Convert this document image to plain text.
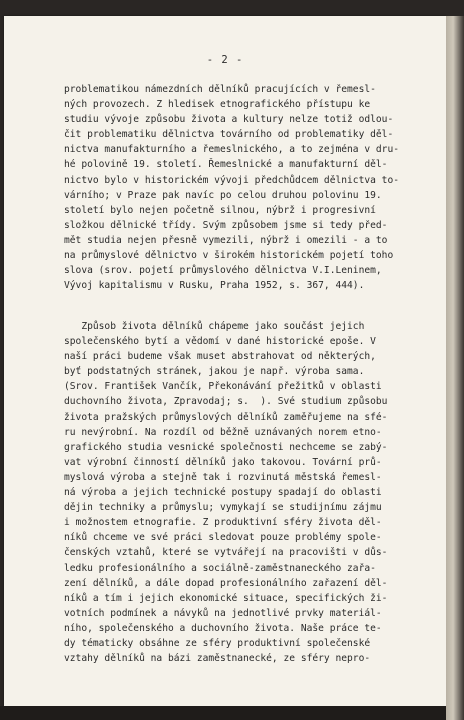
- 2 -
problematikou námezdních dělníků pracujících v řemesl-
ných provozech. Z hledisek etnografického přístupu ke
studiu vývoje způsobu života a kultury nelze totiž odlou-
čit problematiku dělnictva továrního od problematiky děl-
nictva manufakturního a řemeslnického, a to zejména v dru-
hé polovině 19. století. Řemeslnické a manufakturní děl-
nictvo bylo v historickém vývoji předchůdcem dělnictva to-
várního; v Praze pak navíc po celou druhou polovinu 19.
století bylo nejen početně silnou, nýbrž i progresivní
složkou dělnické třídy. Svým způsobem jsme si tedy před-
mět studia nejen přesně vymezili, nýbrž i omezili - a to
na průmyslové dělnictvo v širokém historickém pojetí toho
slova (srov. pojetí průmyslového dělnictva V.I.Leninem,
Vývoj kapitalismu v Rusku, Praha 1952, s. 367, 444).
Způsob života dělníků chápeme jako součást jejich
společenského bytí a vědomí v dané historické epoše. V
naší práci budeme však muset abstrahovat od některých,
byť podstatných stránek, jakou je např. výroba sama.
(Srov. František Vančík, Překonávání přežitků v oblasti
duchovního života, Zpravodaj; s.  ). Své studium způsobu
života pražských průmyslových dělníků zaměřujeme na sfé-
ru nevýrobní. Na rozdíl od běžně uznávaných norem etno-
grafického studia vesnické společnosti nechceme se zabý-
vat výrobní činností dělníků jako takovou. Tovární prů-
myslová výroba a stejně tak i rozvinutá městská řemesl-
ná výroba a jejich technické postupy spadají do oblasti
dějin techniky a průmyslu; vymykají se studijnímu zájmu
i možnostem etnografie. Z produktivní sféry života děl-
níků chceme ve své práci sledovat pouze problémy spole-
čenských vztahů, které se vytvářejí na pracovišti v důs-
ledku profesionálního a sociálně-zaměstnaneckého zařa-
zení dělníků, a dále dopad profesionálního zařazení děl-
níků a tím i jejich ekonomické situace, specifických ži-
votních podmínek a návyků na jednotlivé prvky materiál-
ního, společenského a duchovního života. Naše práce te-
dy tématicky obsáhne ze sféry produktivní společenské
vztahy dělníků na bázi zaměstnanecké, ze sféry nepro-
